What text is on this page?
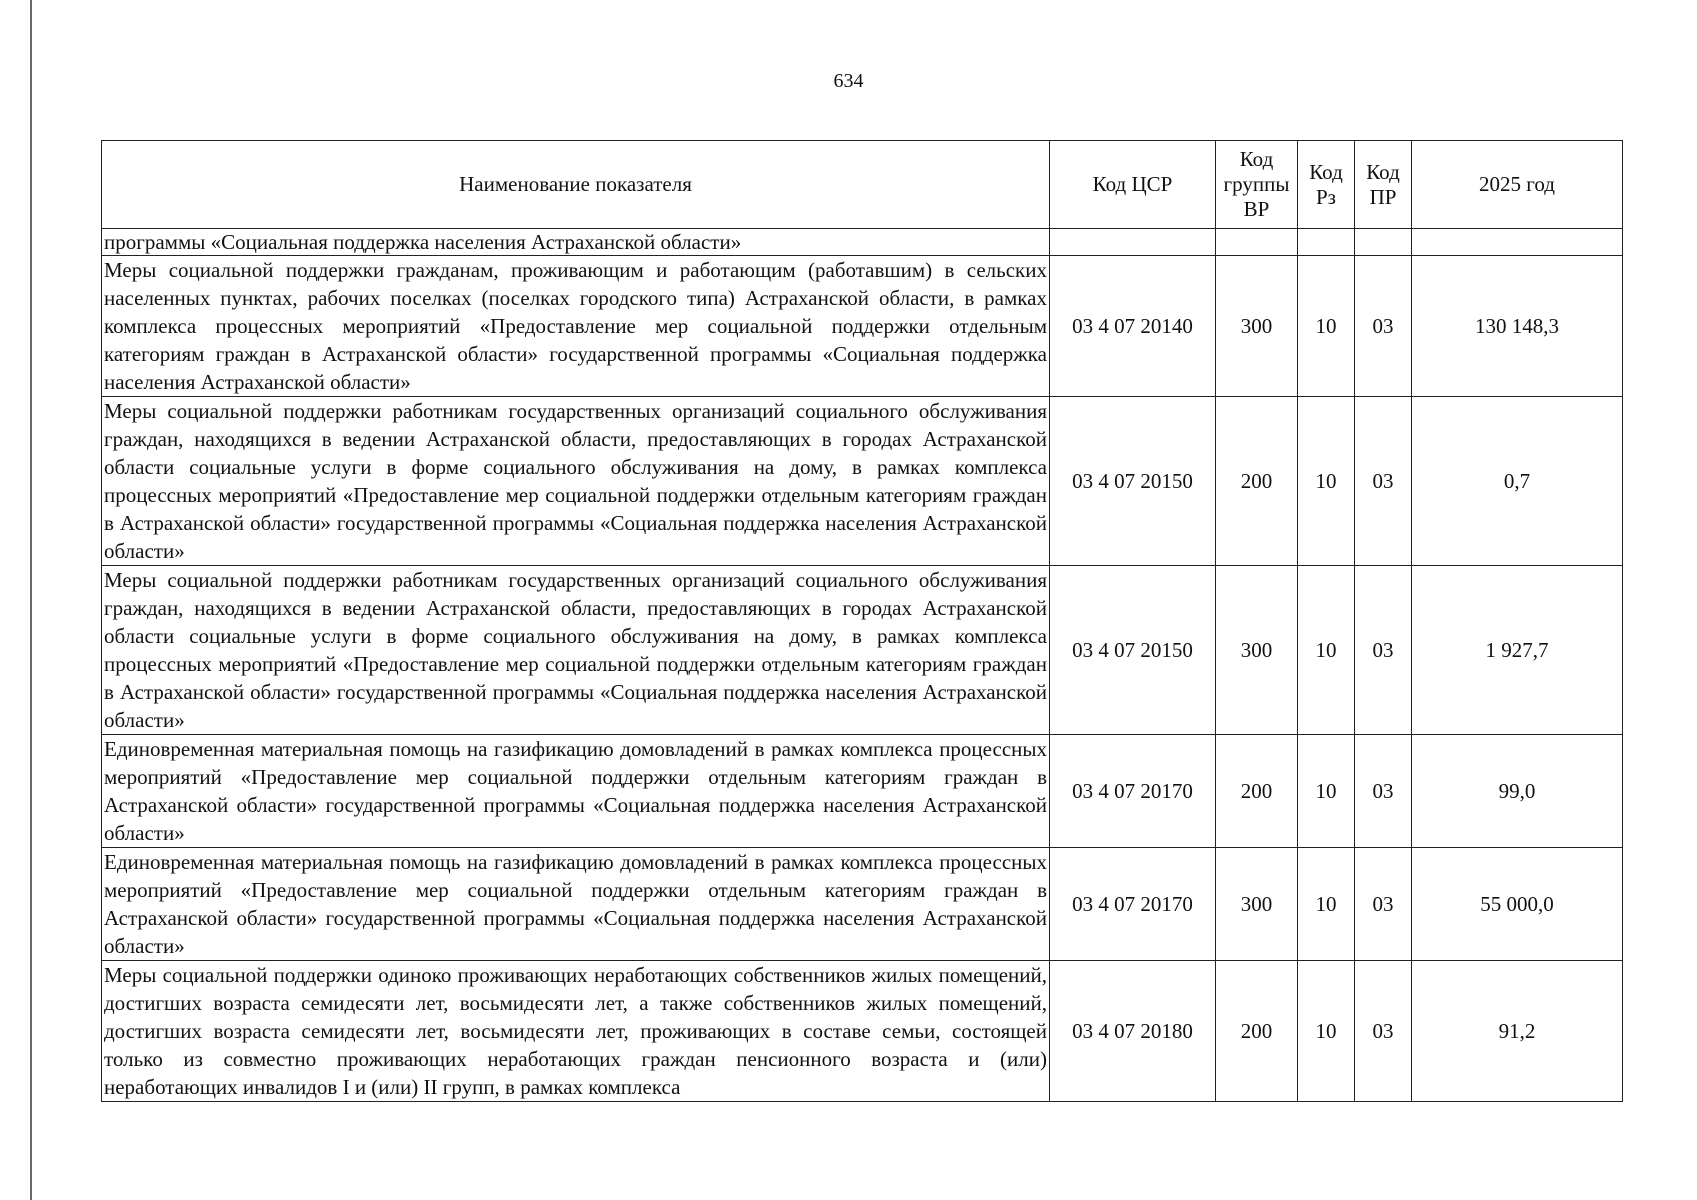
634
Наименование показателя	Код ЦСР	Код группы ВР	Код Рз	Код ПР	2025 год
программы «Социальная поддержка населения Астраханской области»					
Меры социальной поддержки гражданам, проживающим и работающим (работавшим) в сельских населенных пунктах, рабочих поселках (поселках городского типа) Астраханской области, в рамках комплекса процессных мероприятий «Предоставление мер социальной поддержки отдельным категориям граждан в Астраханской области» государственной программы «Социальная поддержка населения Астраханской области»	03 4 07 20140	300	10	03	130 148,3
Меры социальной поддержки работникам государственных организаций социального обслуживания граждан, находящихся в ведении Астраханской области, предоставляющих в городах Астраханской области социальные услуги в форме социального обслуживания на дому, в рамках комплекса процессных мероприятий «Предоставление мер социальной поддержки отдельным категориям граждан в Астраханской области» государственной программы «Социальная поддержка населения Астраханской области»	03 4 07 20150	200	10	03	0,7
Меры социальной поддержки работникам государственных организаций социального обслуживания граждан, находящихся в ведении Астраханской области, предоставляющих в городах Астраханской области социальные услуги в форме социального обслуживания на дому, в рамках комплекса процессных мероприятий «Предоставление мер социальной поддержки отдельным категориям граждан в Астраханской области» государственной программы «Социальная поддержка населения Астраханской области»	03 4 07 20150	300	10	03	1 927,7
Единовременная материальная помощь на газификацию домовладений в рамках комплекса процессных мероприятий «Предоставление мер социальной поддержки отдельным категориям граждан в Астраханской области» государственной программы «Социальная поддержка населения Астраханской области»	03 4 07 20170	200	10	03	99,0
Единовременная материальная помощь на газификацию домовладений в рамках комплекса процессных мероприятий «Предоставление мер социальной поддержки отдельным категориям граждан в Астраханской области» государственной программы «Социальная поддержка населения Астраханской области»	03 4 07 20170	300	10	03	55 000,0
Меры социальной поддержки одиноко проживающих неработающих собственников жилых помещений, достигших возраста семидесяти лет, восьмидесяти лет, а также собственников жилых помещений, достигших возраста семидесяти лет, восьмидесяти лет, проживающих в составе семьи, состоящей только из совместно проживающих неработающих граждан пенсионного возраста и (или) неработающих инвалидов I и (или) II групп, в рамках комплекса	03 4 07 20180	200	10	03	91,2
